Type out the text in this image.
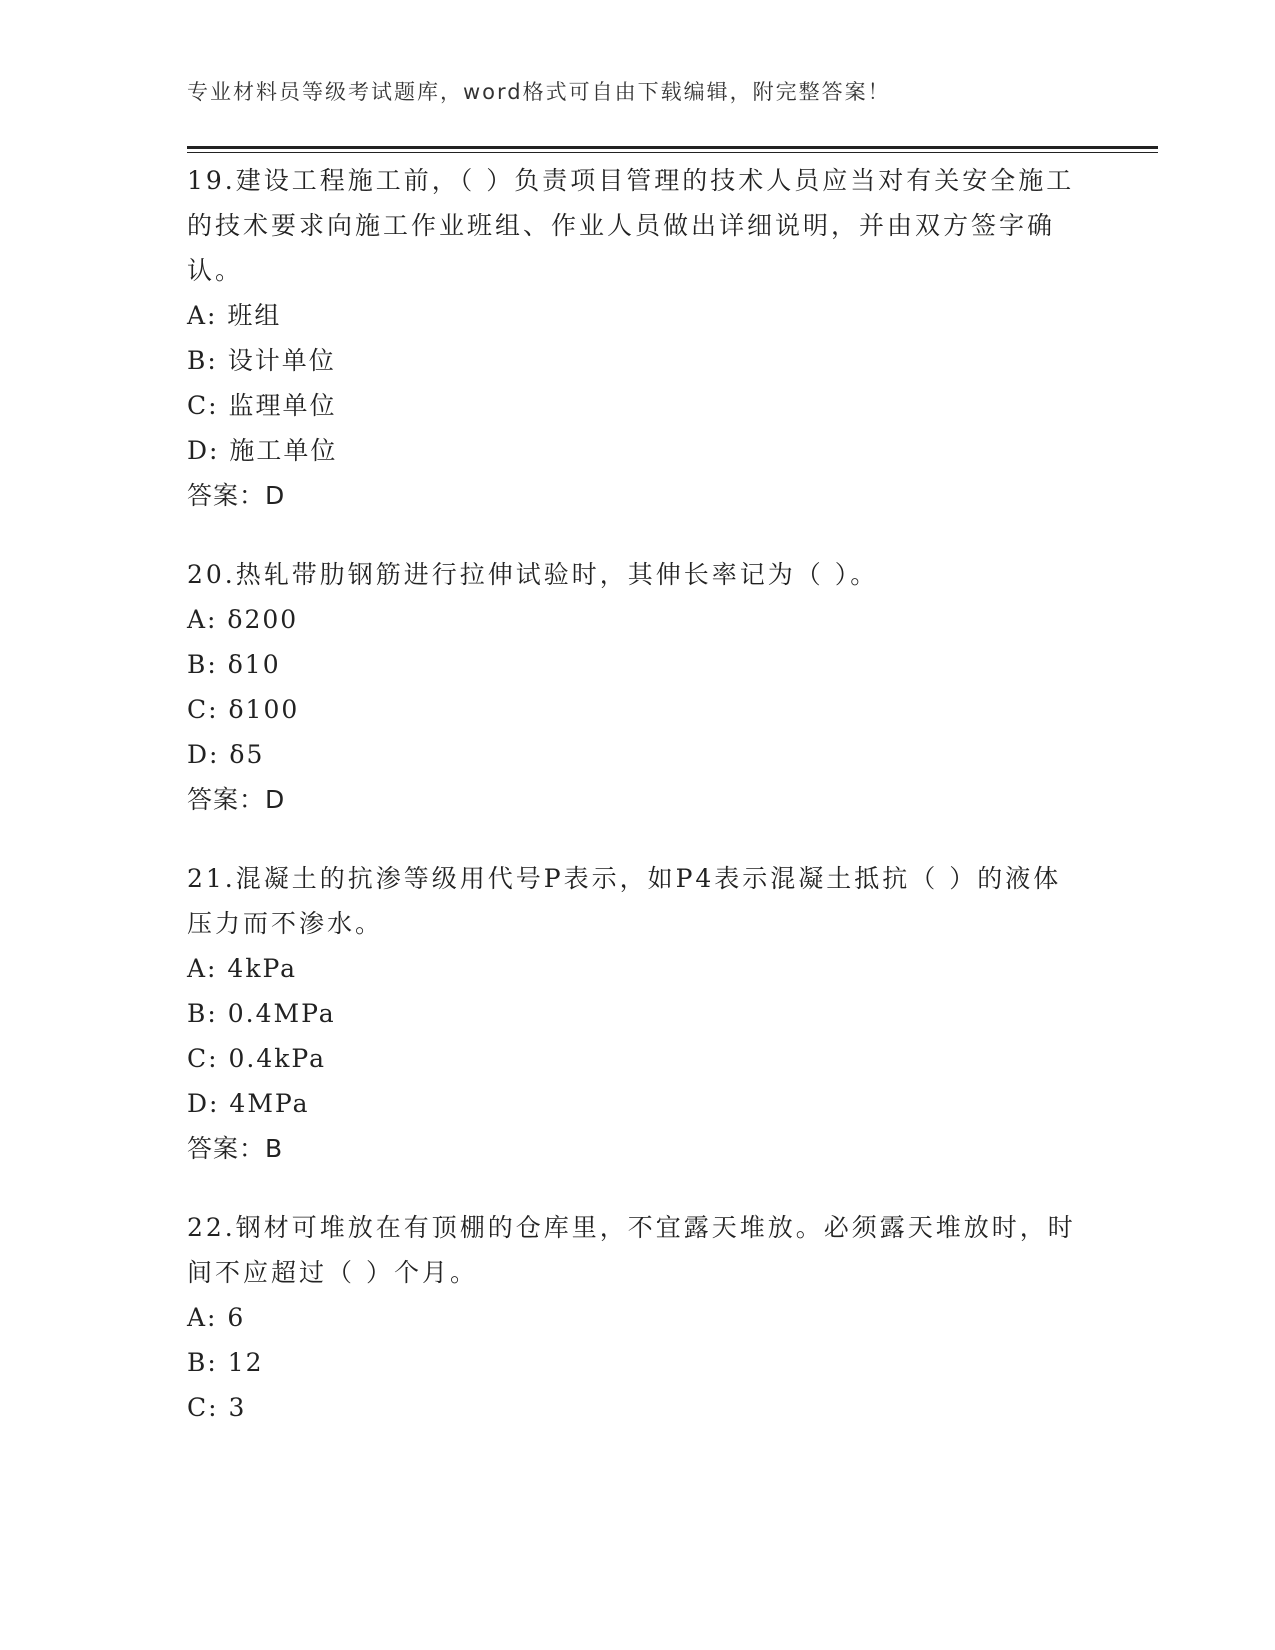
专业材料员等级考试题库，word格式可自由下载编辑，附完整答案！

19.建设工程施工前，（ ）负责项目管理的技术人员应当对有关安全施工的技术要求向施工作业班组、作业人员做出详细说明，并由双方签字确认。

A: 班组
B: 设计单位
C: 监理单位
D: 施工单位
答案：D

20.热轧带肋钢筋进行拉伸试验时，其伸长率记为（ ）。

A: δ200
B: δ10
C: δ100
D: δ5
答案：D

21.混凝土的抗渗等级用代号P表示，如P4表示混凝土抵抗（ ）的液体压力而不渗水。

A: 4kPa
B: 0.4MPa
C: 0.4kPa
D: 4MPa
答案：B

22.钢材可堆放在有顶棚的仓库里，不宜露天堆放。必须露天堆放时，时间不应超过（ ）个月。

A: 6
B: 12
C: 3
